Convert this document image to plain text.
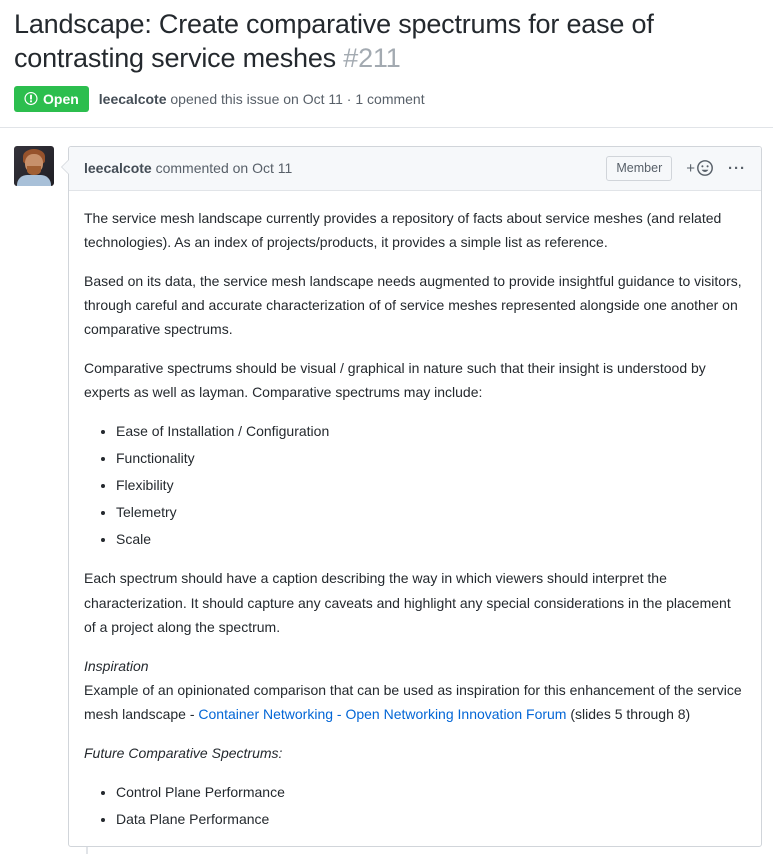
Landscape: Create comparative spectrums for ease of contrasting service meshes #211
Open leecalcote opened this issue on Oct 11 · 1 comment
leecalcote commented on Oct 11	Member	+ ···

The service mesh landscape currently provides a repository of facts about service meshes (and related technologies). As an index of projects/products, it provides a simple list as reference.

Based on its data, the service mesh landscape needs augmented to provide insightful guidance to visitors, through careful and accurate characterization of of service meshes represented alongside one another on comparative spectrums.

Comparative spectrums should be visual / graphical in nature such that their insight is understood by experts as well as layman. Comparative spectrums may include:

• Ease of Installation / Configuration
• Functionality
• Flexibility
• Telemetry
• Scale

Each spectrum should have a caption describing the way in which viewers should interpret the characterization. It should capture any caveats and highlight any special considerations in the placement of a project along the spectrum.

Inspiration
Example of an opinionated comparison that can be used as inspiration for this enhancement of the service mesh landscape - Container Networking - Open Networking Innovation Forum (slides 5 through 8)

Future Comparative Spectrums:

• Control Plane Performance
• Data Plane Performance
